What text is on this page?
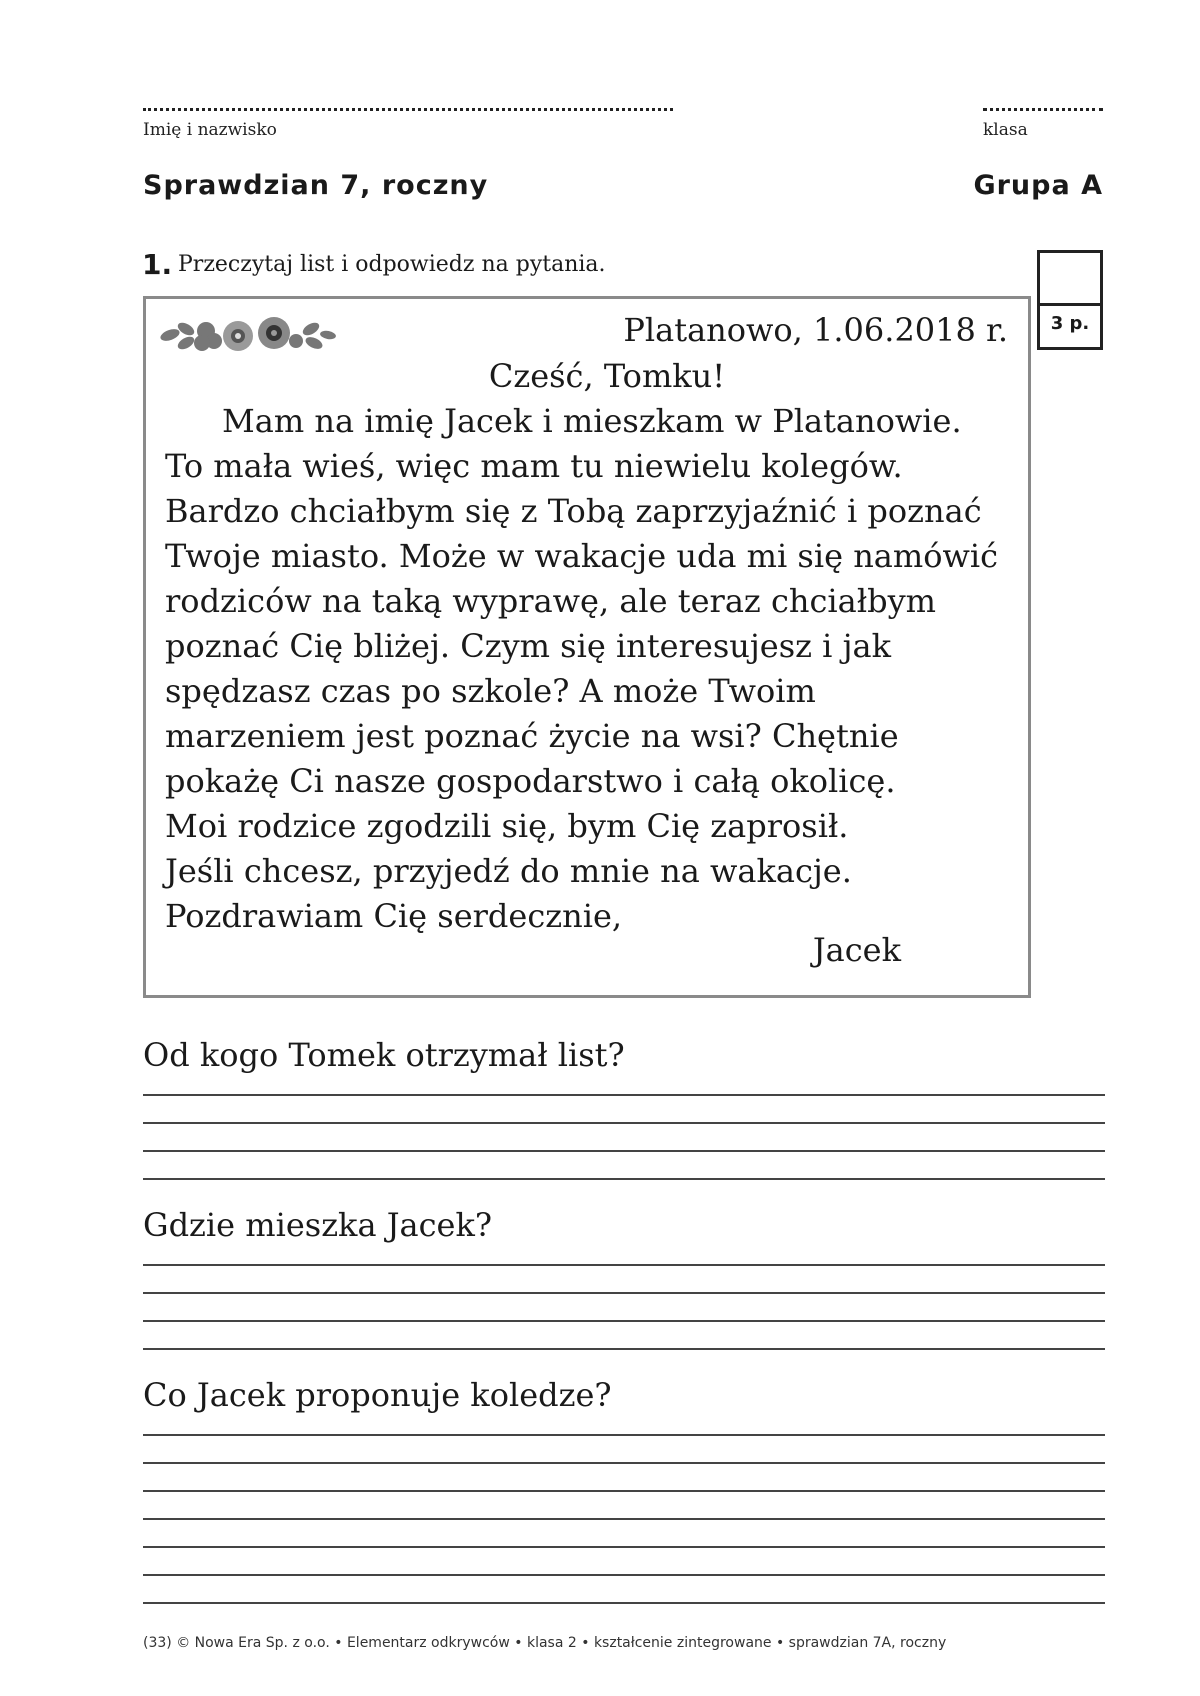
Imię i nazwisko	klasa
Sprawdzian 7, roczny	Grupa A
1. Przeczytaj list i odpowiedz na pytania.
3 p.
Platanowo, 1.06.2018 r.
Cześć, Tomku!
Mam na imię Jacek i mieszkam w Platanowie.
To mała wieś, więc mam tu niewielu kolegów.
Bardzo chciałbym się z Tobą zaprzyjaźnić i poznać
Twoje miasto. Może w wakacje uda mi się namówić
rodziców na taką wyprawę, ale teraz chciałbym
poznać Cię bliżej. Czym się interesujesz i jak
spędzasz czas po szkole? A może Twoim
marzeniem jest poznać życie na wsi? Chętnie
pokażę Ci nasze gospodarstwo i całą okolicę.
Moi rodzice zgodzili się, bym Cię zaprosił.
Jeśli chcesz, przyjedź do mnie na wakacje.
Pozdrawiam Cię serdecznie,
Jacek
Od kogo Tomek otrzymał list?
Gdzie mieszka Jacek?
Co Jacek proponuje koledze?
(33) © Nowa Era Sp. z o.o. • Elementarz odkrywców • klasa 2 • kształcenie zintegrowane • sprawdzian 7A, roczny
